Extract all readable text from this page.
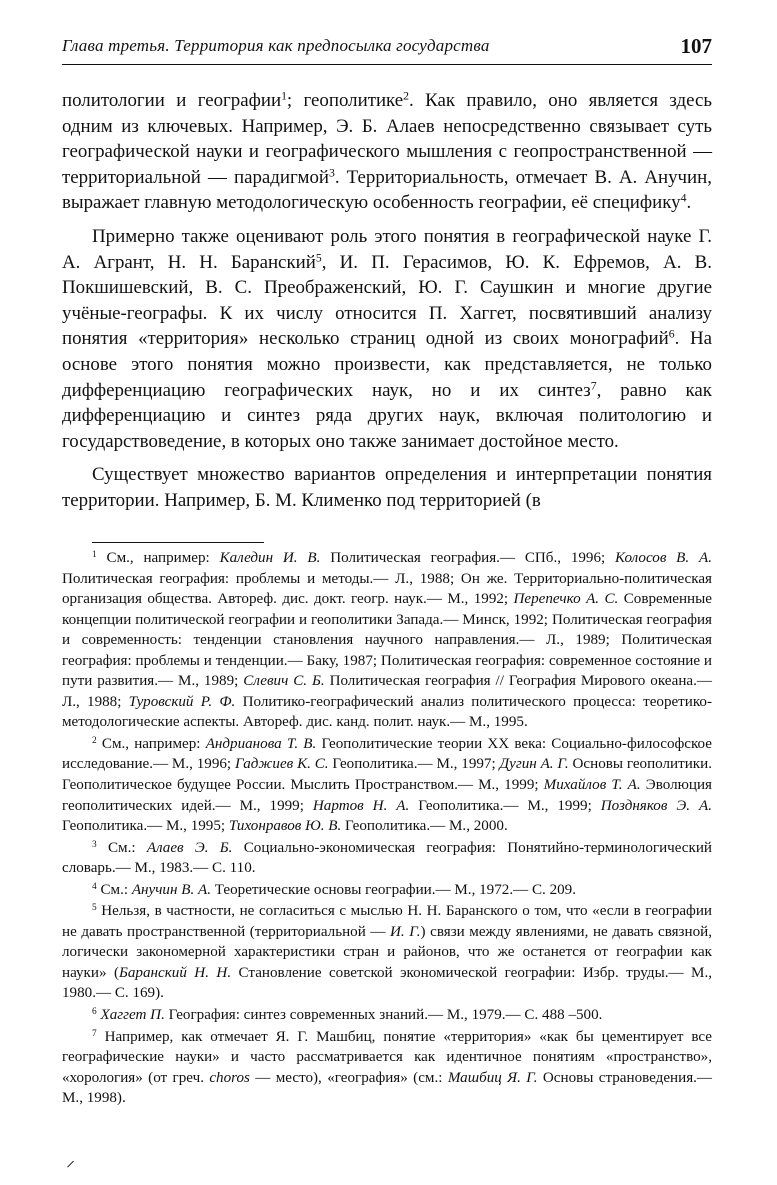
Глава третья. Территория как предпосылка государства	107

политологии и географии$^1$; геополитике$^2$. Как правило, оно является здесь одним из ключевых. Например, Э. Б. Алаев непосредственно связывает суть географической науки и географического мышления с геопространственной — территориальной — парадигмой$^3$. Территориальность, отмечает В. А. Анучин, выражает главную методологическую особенность географии, её специфику$^4$.

Примерно также оценивают роль этого понятия в географической науке Г. А. Агрант, Н. Н. Баранский$^5$, И. П. Герасимов, Ю. К. Ефремов, А. В. Покшишевский, В. С. Преображенский, Ю. Г. Саушкин и многие другие учёные-географы. К их числу относится П. Хаггет, посвятивший анализу понятия «территория» несколько страниц одной из своих монографий$^6$. На основе этого понятия можно произвести, как представляется, не только дифференциацию географических наук, но и их синтез$^7$, равно как дифференциацию и синтез ряда других наук, включая политологию и государствоведение, в которых оно также занимает достойное место.

Существует множество вариантов определения и интерпретации понятия территории. Например, Б. М. Клименко под территорией (в

$^1$ См., например: Каледин И. В. Политическая география.— СПб., 1996; Колосов В. А. Политическая география: проблемы и методы.— Л., 1988; Он же. Территориально-политическая организация общества. Автореф. дис. докт. геогр. наук.— М., 1992; Перепечко А. С. Современные концепции политической географии и геополитики Запада.— Минск, 1992; Политическая география и современность: тенденции становления научного направления.— Л., 1989; Политическая география: проблемы и тенденции.— Баку, 1987; Политическая география: современное состояние и пути развития.— М., 1989; Слевич С. Б. Политическая география // География Мирового океана.— Л., 1988; Туровский Р. Ф. Политико-географический анализ политического процесса: теоретико-методологические аспекты. Автореф. дис. канд. полит. наук.— М., 1995.

$^2$ См., например: Андрианова Т. В. Геополитические теории XX века: Социально-философское исследование.— М., 1996; Гаджиев К. С. Геополитика.— М., 1997; Дугин А. Г. Основы геополитики. Геополитическое будущее России. Мыслить Пространством.— М., 1999; Михайлов Т. А. Эволюция геополитических идей.— М., 1999; Нартов Н. А. Геополитика.— М., 1999; Поздняков Э. А. Геополитика.— М., 1995; Тихонравов Ю. В. Геополитика.— М., 2000.

$^3$ См.: Алаев Э. Б. Социально-экономическая география: Понятийно-терминологический словарь.— М., 1983.— С. 110.

$^4$ См.: Анучин В. А. Теоретические основы географии.— М., 1972.— С. 209.

$^5$ Нельзя, в частности, не согласиться с мыслью Н. Н. Баранского о том, что «если в географии не давать пространственной (территориальной — И. Г.) связи между явлениями, не давать связной, логически закономерной характеристики стран и районов, что же останется от географии как науки» (Баранский Н. Н. Становление советской экономической географии: Избр. труды.— М., 1980.— С. 169).

$^6$ Хаггет П. География: синтез современных знаний.— М., 1979.— С. 488 –500.

$^7$ Например, как отмечает Я. Г. Машбиц, понятие «территория» «как бы цементирует все географические науки» и часто рассматривается как идентичное понятиям «пространство», «хорология» (от греч. choros — место), «география» (см.: Машбиц Я. Г. Основы страноведения.— М., 1998).

⸝
